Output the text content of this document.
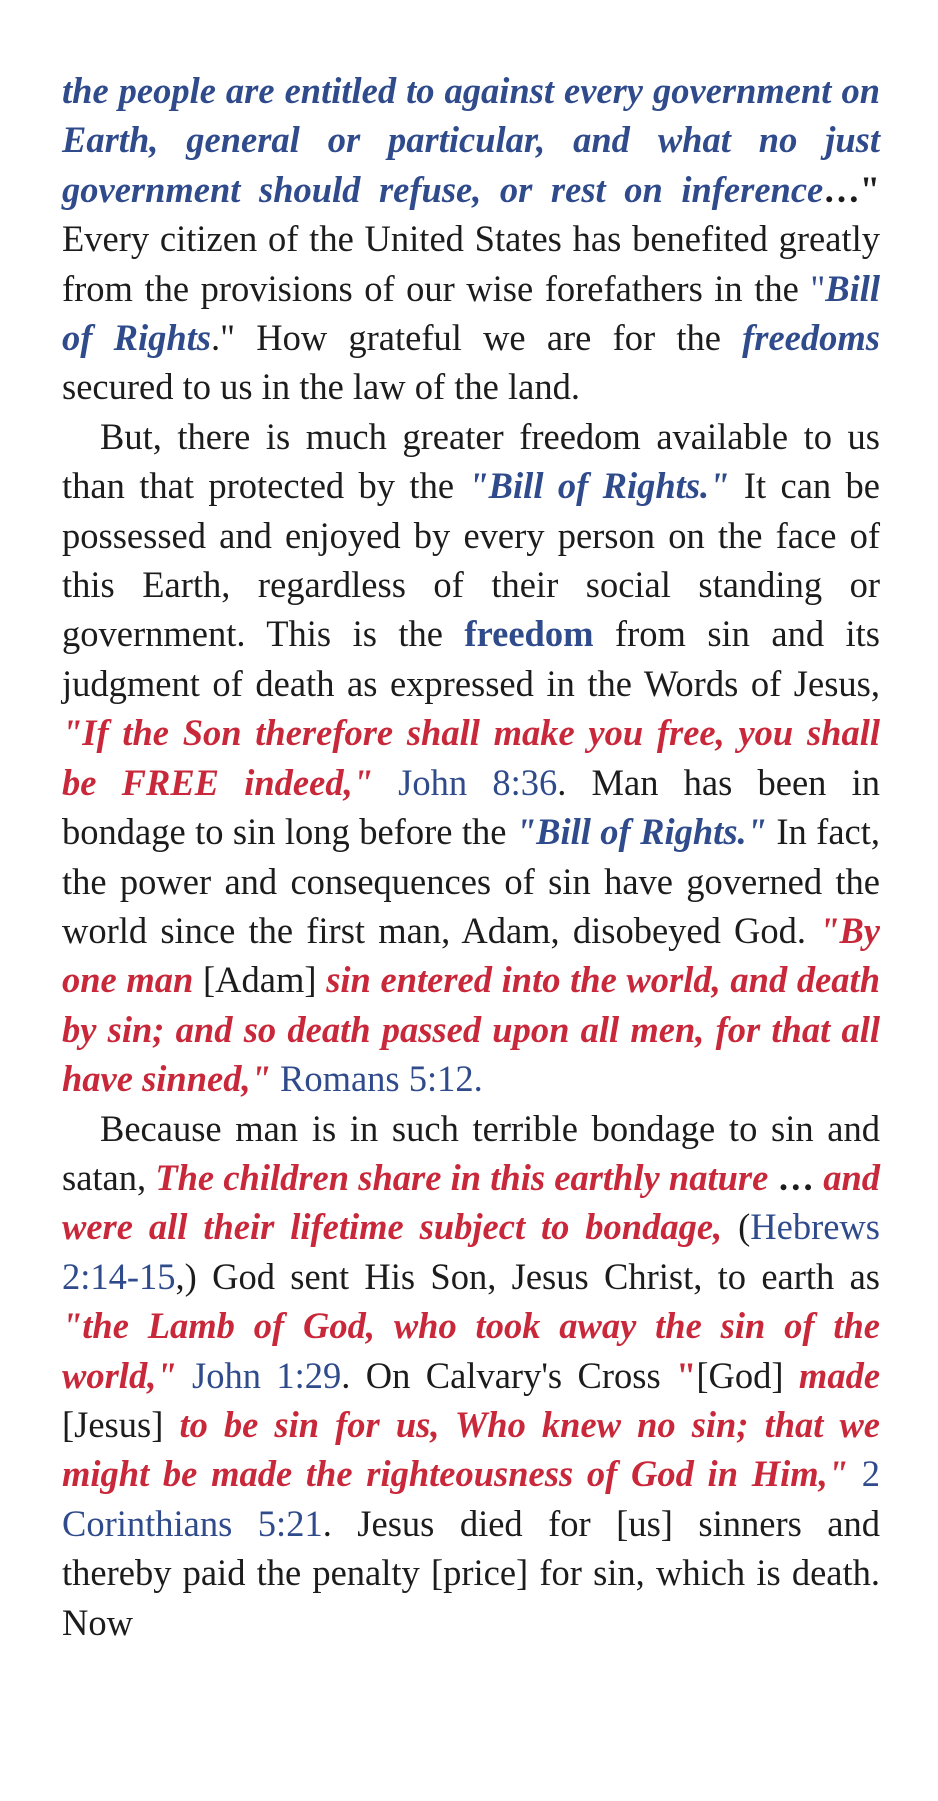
the people are entitled to against every government on Earth, general or particular, and what no just government should refuse, or rest on inference…" Every citizen of the United States has benefited greatly from the provisions of our wise forefathers in the "Bill of Rights." How grateful we are for the freedoms secured to us in the law of the land.

But, there is much greater freedom available to us than that protected by the "Bill of Rights." It can be possessed and enjoyed by every person on the face of this Earth, regardless of their social standing or government. This is the freedom from sin and its judgment of death as expressed in the Words of Jesus, "If the Son therefore shall make you free, you shall be FREE indeed," John 8:36. Man has been in bondage to sin long before the "Bill of Rights." In fact, the power and consequences of sin have governed the world since the first man, Adam, disobeyed God. "By one man [Adam] sin entered into the world, and death by sin; and so death passed upon all men, for that all have sinned," Romans 5:12.

Because man is in such terrible bondage to sin and satan, The children share in this earthly nature … and were all their lifetime subject to bondage, (Hebrews 2:14-15,) God sent His Son, Jesus Christ, to earth as "the Lamb of God, who took away the sin of the world," John 1:29. On Calvary's Cross "[God] made [Jesus] to be sin for us, Who knew no sin; that we might be made the righteousness of God in Him," 2 Corinthians 5:21. Jesus died for [us] sinners and thereby paid the penalty [price] for sin, which is death. Now
